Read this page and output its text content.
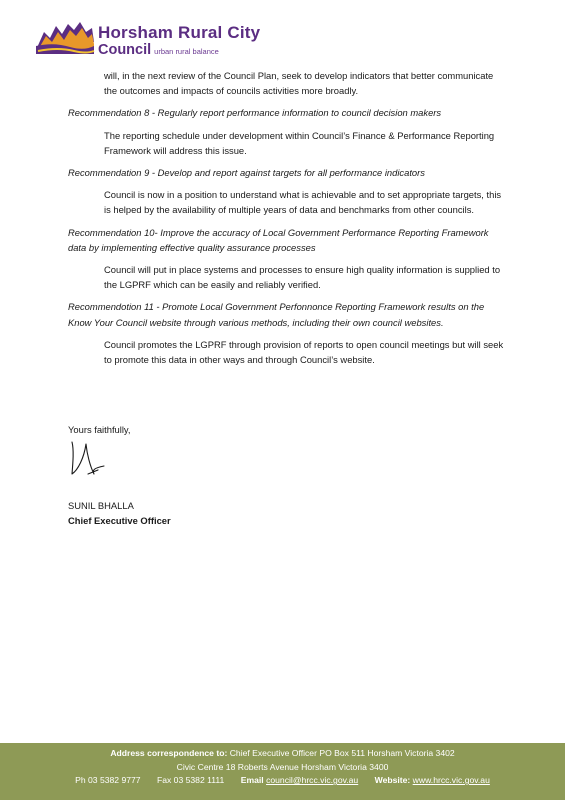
Horsham Rural City
Council urban rural balance

will, in the next review of the Council Plan, seek to develop indicators that better communicate the outcomes and impacts of councils activities more broadly.

Recommendation 8 - Regularly report performance information to council decision makers

The reporting schedule under development within Council’s Finance & Performance Reporting Framework will address this issue.

Recommendation 9 - Develop and report against targets for all performance indicators

Council is now in a position to understand what is achievable and to set appropriate targets, this is helped by the availability of multiple years of data and benchmarks from other councils.

Recommendation 10- Improve the accuracy of Local Government Performance Reporting Framework data by implementing effective quality assurance processes

Council will put in place systems and processes to ensure high quality information is supplied to the LGPRF which can be easily and reliably verified.

Recommendotion 11 - Promote Local Government Perfonnonce Reporting Framework results on the Know Your Council website through various methods, including their own council websites.

Council promotes the LGPRF through provision of reports to open council meetings but will seek to promote this data in other ways and through Council’s website.

Yours faithfully,
SUNIL BHALLA
Chief Executive Officer
Address correspondence to: Chief Executive Officer PO Box 511 Horsham Victoria 3402
Civic Centre 18 Roberts Avenue Horsham Victoria 3400
Ph 03 5382 9777 Fax 03 5382 1111 Email council@hrcc.vic.gov.au Website: www.hrcc.vic.gov.au
